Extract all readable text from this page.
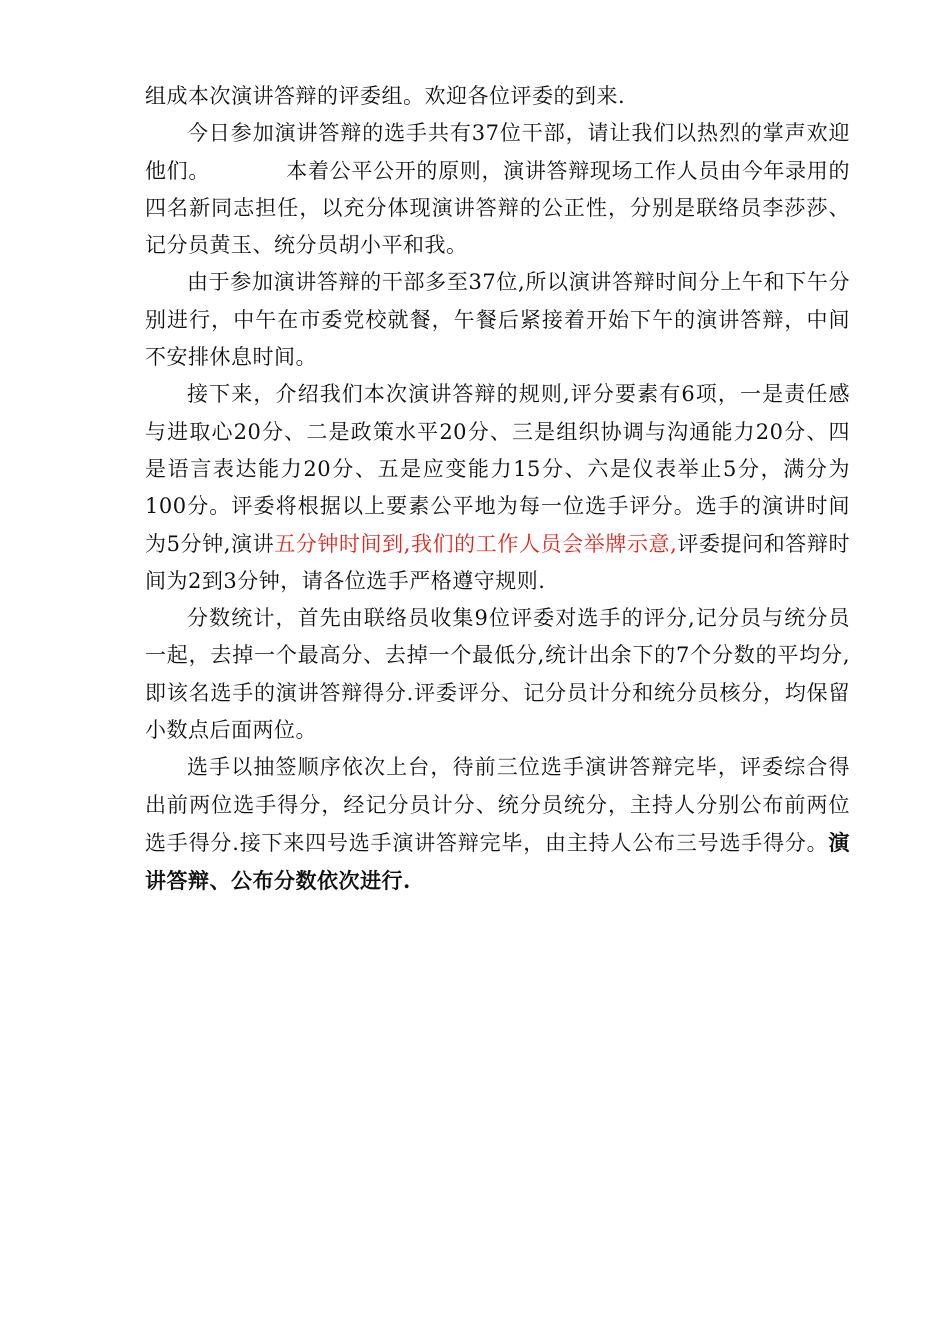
组成本次演讲答辩的评委组。欢迎各位评委的到来.

今日参加演讲答辩的选手共有37位干部，请让我们以热烈的掌声欢迎他们。　　　　本着公平公开的原则，演讲答辩现场工作人员由今年录用的四名新同志担任，以充分体现演讲答辩的公正性，分别是联络员李莎莎、记分员黄玉、统分员胡小平和我。

由于参加演讲答辩的干部多至37位,所以演讲答辩时间分上午和下午分别进行，中午在市委党校就餐，午餐后紧接着开始下午的演讲答辩，中间不安排休息时间。

接下来，介绍我们本次演讲答辩的规则,评分要素有6项，一是责任感与进取心20分、二是政策水平20分、三是组织协调与沟通能力20分、四是语言表达能力20分、五是应变能力15分、六是仪表举止5分，满分为100分。评委将根据以上要素公平地为每一位选手评分。选手的演讲时间为5分钟,演讲五分钟时间到,我们的工作人员会举牌示意,评委提问和答辩时间为2到3分钟，请各位选手严格遵守规则.

分数统计，首先由联络员收集9位评委对选手的评分,记分员与统分员一起，去掉一个最高分、去掉一个最低分,统计出余下的7个分数的平均分,即该名选手的演讲答辩得分.评委评分、记分员计分和统分员核分，均保留小数点后面两位。

选手以抽签顺序依次上台，待前三位选手演讲答辩完毕，评委综合得出前两位选手得分，经记分员计分、统分员统分，主持人分别公布前两位选手得分.接下来四号选手演讲答辩完毕，由主持人公布三号选手得分。演讲答辩、公布分数依次进行.
